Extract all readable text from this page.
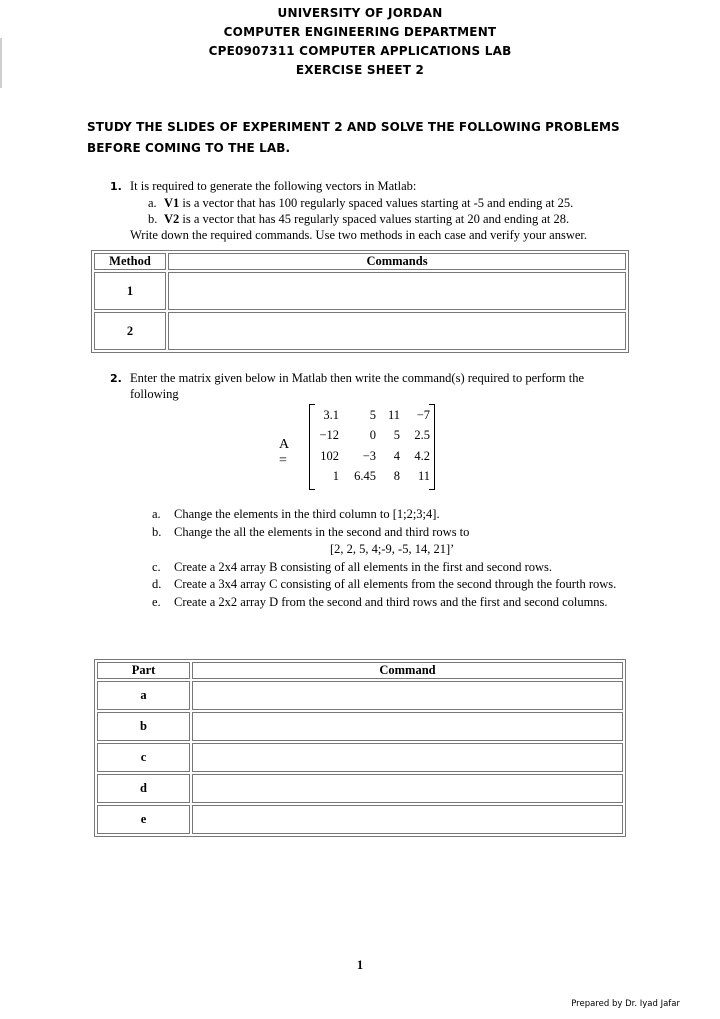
UNIVERSITY OF JORDAN
COMPUTER ENGINEERING DEPARTMENT
CPE0907311 COMPUTER APPLICATIONS LAB
EXERCISE SHEET 2
STUDY THE SLIDES OF EXPERIMENT 2 AND SOLVE THE FOLLOWING PROBLEMS BEFORE COMING TO THE LAB.
1. It is required to generate the following vectors in Matlab:
a. V1 is a vector that has 100 regularly spaced values starting at -5 and ending at 25.
b. V2 is a vector that has 45 regularly spaced values starting at 20 and ending at 28.
Write down the required commands. Use two methods in each case and verify your answer.
Method	Commands
1	
2	
2. Enter the matrix given below in Matlab then write the command(s) required to perform the following
A =
3.1	5	11	−7
−12	0	5	2.5
102	−3	4	4.2
1	6.45	8	11
a. Change the elements in the third column to [1;2;3;4].
b. Change the all the elements in the second and third rows to
[2, 2, 5, 4;-9, -5, 14, 21]’
c. Create a 2x4 array B consisting of all elements in the first and second rows.
d. Create a 3x4 array C consisting of all elements from the second through the fourth rows.
e. Create a 2x2 array D from the second and third rows and the first and second columns.
Part	Command
a	
b	
c	
d	
e	
1
Prepared by Dr. Iyad Jafar
